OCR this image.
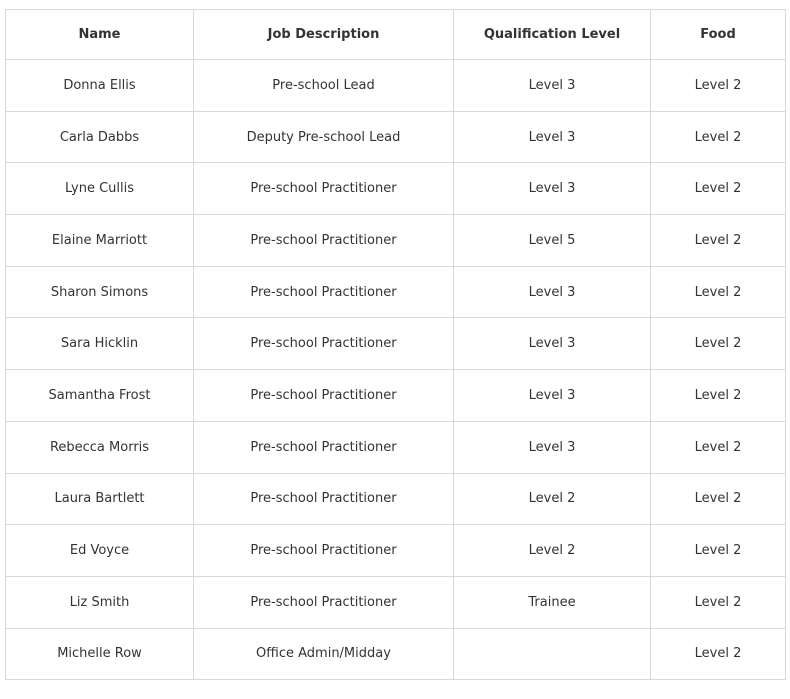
Name	Job Description	Qualification Level	Food
Donna Ellis	Pre-school Lead	Level 3	Level 2
Carla Dabbs	Deputy Pre-school Lead	Level 3	Level 2
Lyne Cullis	Pre-school Practitioner	Level 3	Level 2
Elaine Marriott	Pre-school Practitioner	Level 5	Level 2
Sharon Simons	Pre-school Practitioner	Level 3	Level 2
Sara Hicklin	Pre-school Practitioner	Level 3	Level 2
Samantha Frost	Pre-school Practitioner	Level 3	Level 2
Rebecca Morris	Pre-school Practitioner	Level 3	Level 2
Laura Bartlett	Pre-school Practitioner	Level 2	Level 2
Ed Voyce	Pre-school Practitioner	Level 2	Level 2
Liz Smith	Pre-school Practitioner	Trainee	Level 2
Michelle Row	Office Admin/Midday		Level 2
